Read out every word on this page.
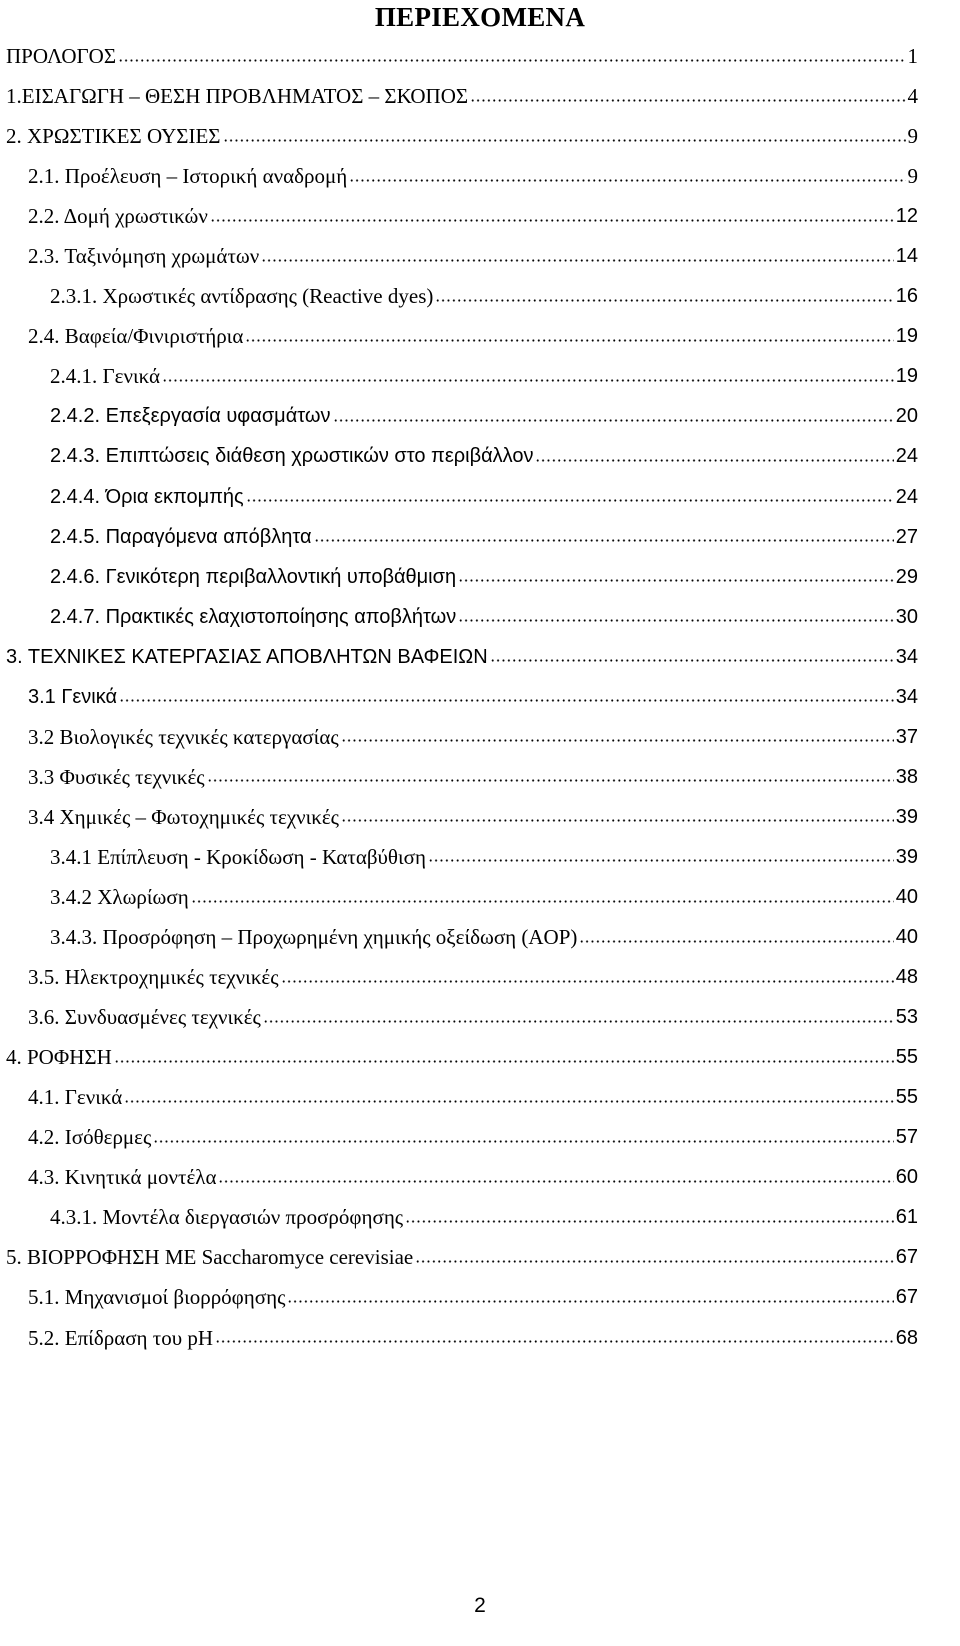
ΠΕΡΙΕΧΟΜΕΝΑ
ΠΡΟΛΟΓΟΣ	1
1.ΕΙΣΑΓΩΓΗ – ΘΕΣΗ ΠΡΟΒΛΗΜΑΤΟΣ – ΣΚΟΠΟΣ	4
2. ΧΡΩΣΤΙΚΕΣ ΟΥΣΙΕΣ	9
2.1. Προέλευση – Ιστορική αναδρομή	9
2.2. Δομή χρωστικών	12
2.3. Ταξινόμηση χρωμάτων	14
2.3.1. Χρωστικές αντίδρασης (Reactive dyes)	16
2.4. Βαφεία/Φινιριστήρια	19
2.4.1. Γενικά	19
2.4.2. Επεξεργασία υφασμάτων	20
2.4.3. Επιπτώσεις διάθεση χρωστικών στο περιβάλλον	24
2.4.4. Όρια εκπομπής	24
2.4.5. Παραγόμενα απόβλητα	27
2.4.6. Γενικότερη περιβαλλοντική υποβάθμιση	29
2.4.7. Πρακτικές ελαχιστοποίησης αποβλήτων	30
3. ΤΕΧΝΙΚΕΣ ΚΑΤΕΡΓΑΣΙΑΣ ΑΠΟΒΛΗΤΩΝ ΒΑΦΕΙΩΝ	34
3.1 Γενικά	34
3.2 Βιολογικές τεχνικές κατεργασίας	37
3.3 Φυσικές τεχνικές	38
3.4 Χημικές – Φωτοχημικές τεχνικές	39
3.4.1 Επίπλευση - Κροκίδωση - Καταβύθιση	39
3.4.2 Χλωρίωση	40
3.4.3. Προσρόφηση – Προχωρημένη χημικής οξείδωση (AOP)	40
3.5. Ηλεκτροχημικές τεχνικές	48
3.6. Συνδυασμένες τεχνικές	53
4. ΡΟΦΗΣΗ	55
4.1. Γενικά	55
4.2. Ισόθερμες	57
4.3. Κινητικά μοντέλα	60
4.3.1. Μοντέλα διεργασιών προσρόφησης	61
5. ΒΙΟΡΡΟΦΗΣΗ ΜΕ Saccharomyce cerevisiae	67
5.1. Μηχανισμοί βιορρόφησης	67
5.2. Επίδραση του pH	68
2
